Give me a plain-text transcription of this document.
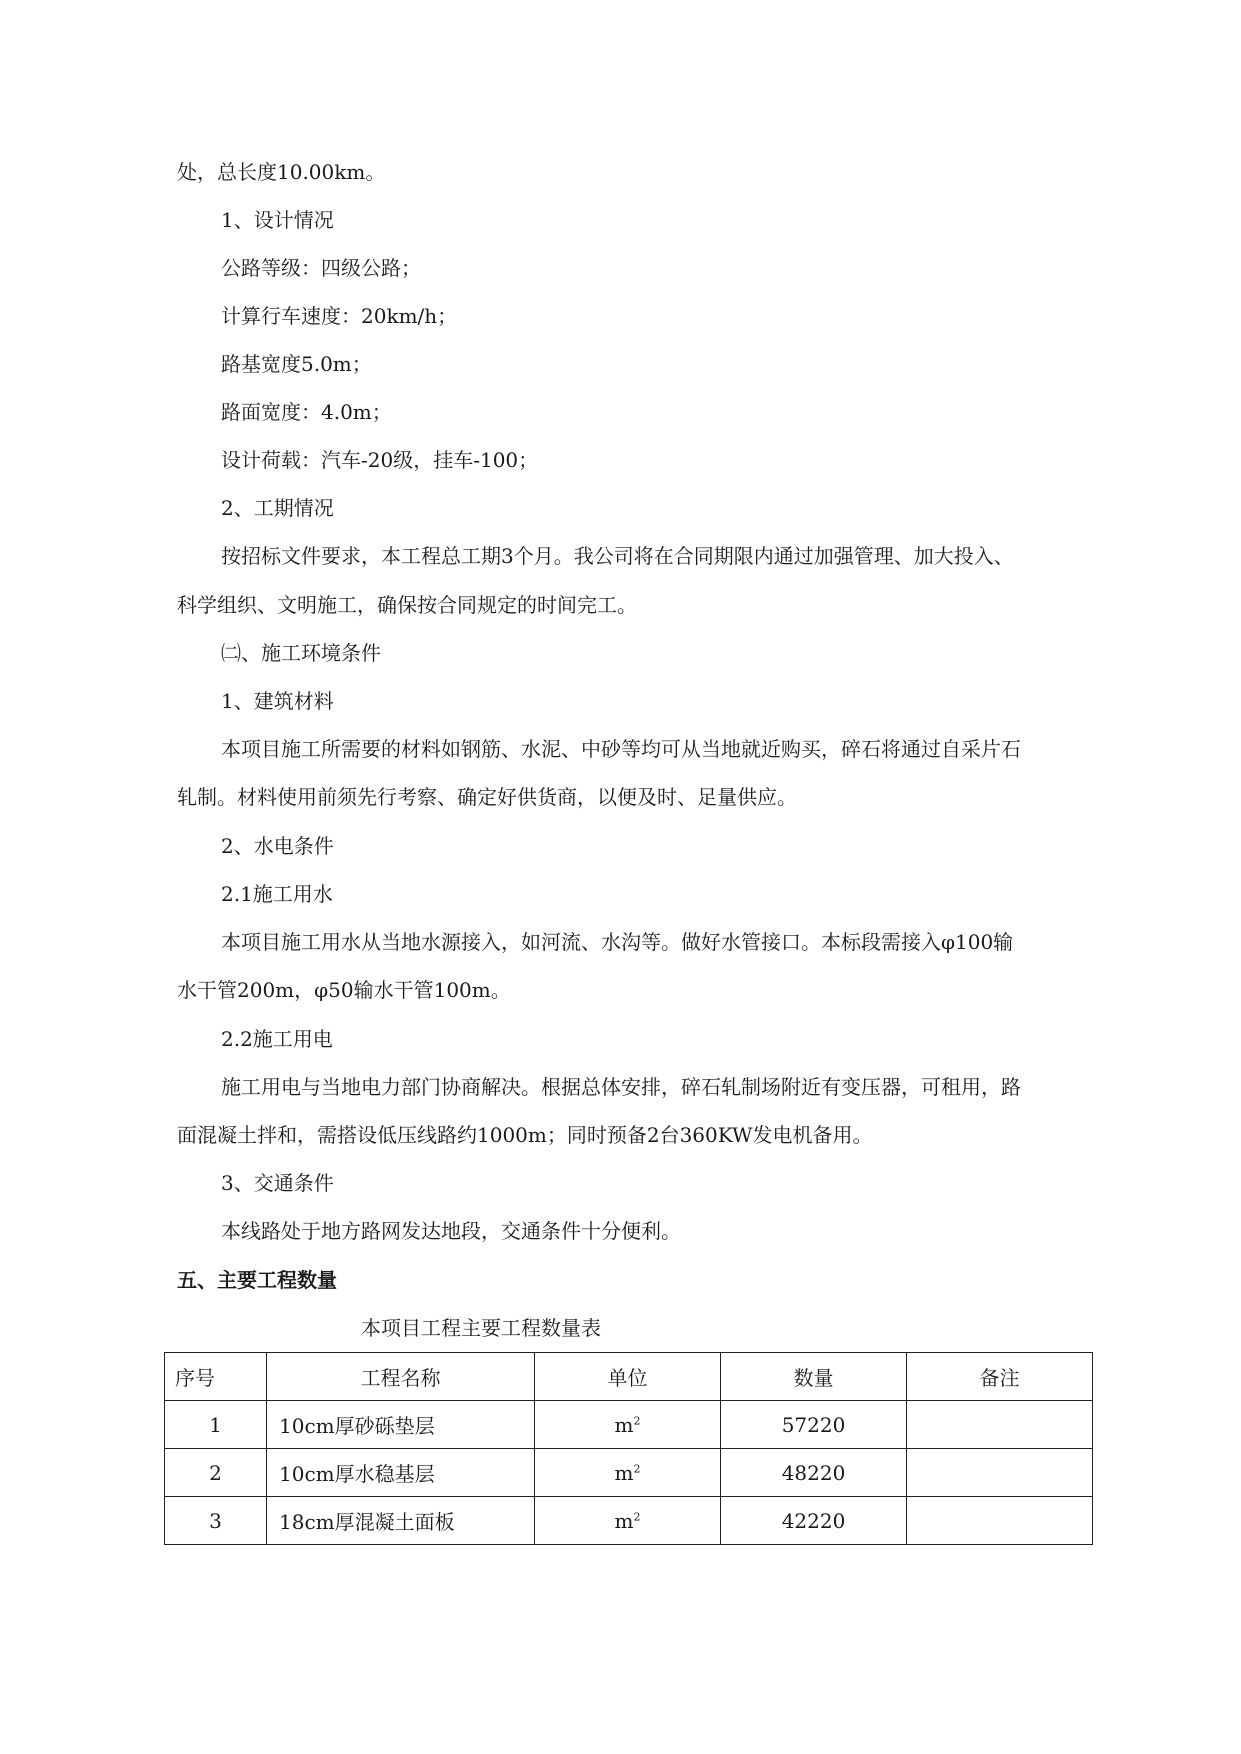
处，总长度10.00km。
1、设计情况
公路等级：四级公路；
计算行车速度：20km/h；
路基宽度5.0m；
路面宽度：4.0m；
设计荷载：汽车-20级，挂车-100；
2、工期情况
按招标文件要求，本工程总工期3个月。我公司将在合同期限内通过加强管理、加大投入、
科学组织、文明施工，确保按合同规定的时间完工。
㈡、施工环境条件
1、建筑材料
本项目施工所需要的材料如钢筋、水泥、中砂等均可从当地就近购买，碎石将通过自采片石
轧制。材料使用前须先行考察、确定好供货商，以便及时、足量供应。
2、水电条件
2.1施工用水
本项目施工用水从当地水源接入，如河流、水沟等。做好水管接口。本标段需接入φ100输
水干管200m，φ50输水干管100m。
2.2施工用电
施工用电与当地电力部门协商解决。根据总体安排，碎石轧制场附近有变压器，可租用，路
面混凝土拌和，需搭设低压线路约1000m；同时预备2台360KW发电机备用。
3、交通条件
本线路处于地方路网发达地段，交通条件十分便利。
五、主要工程数量
本项目工程主要工程数量表
序号	工程名称	单位	数量	备注
1	10cm厚砂砾垫层	$m^2$	57220	
2	10cm厚水稳基层	$m^2$	48220	
3	18cm厚混凝土面板	$m^2$	42220	
